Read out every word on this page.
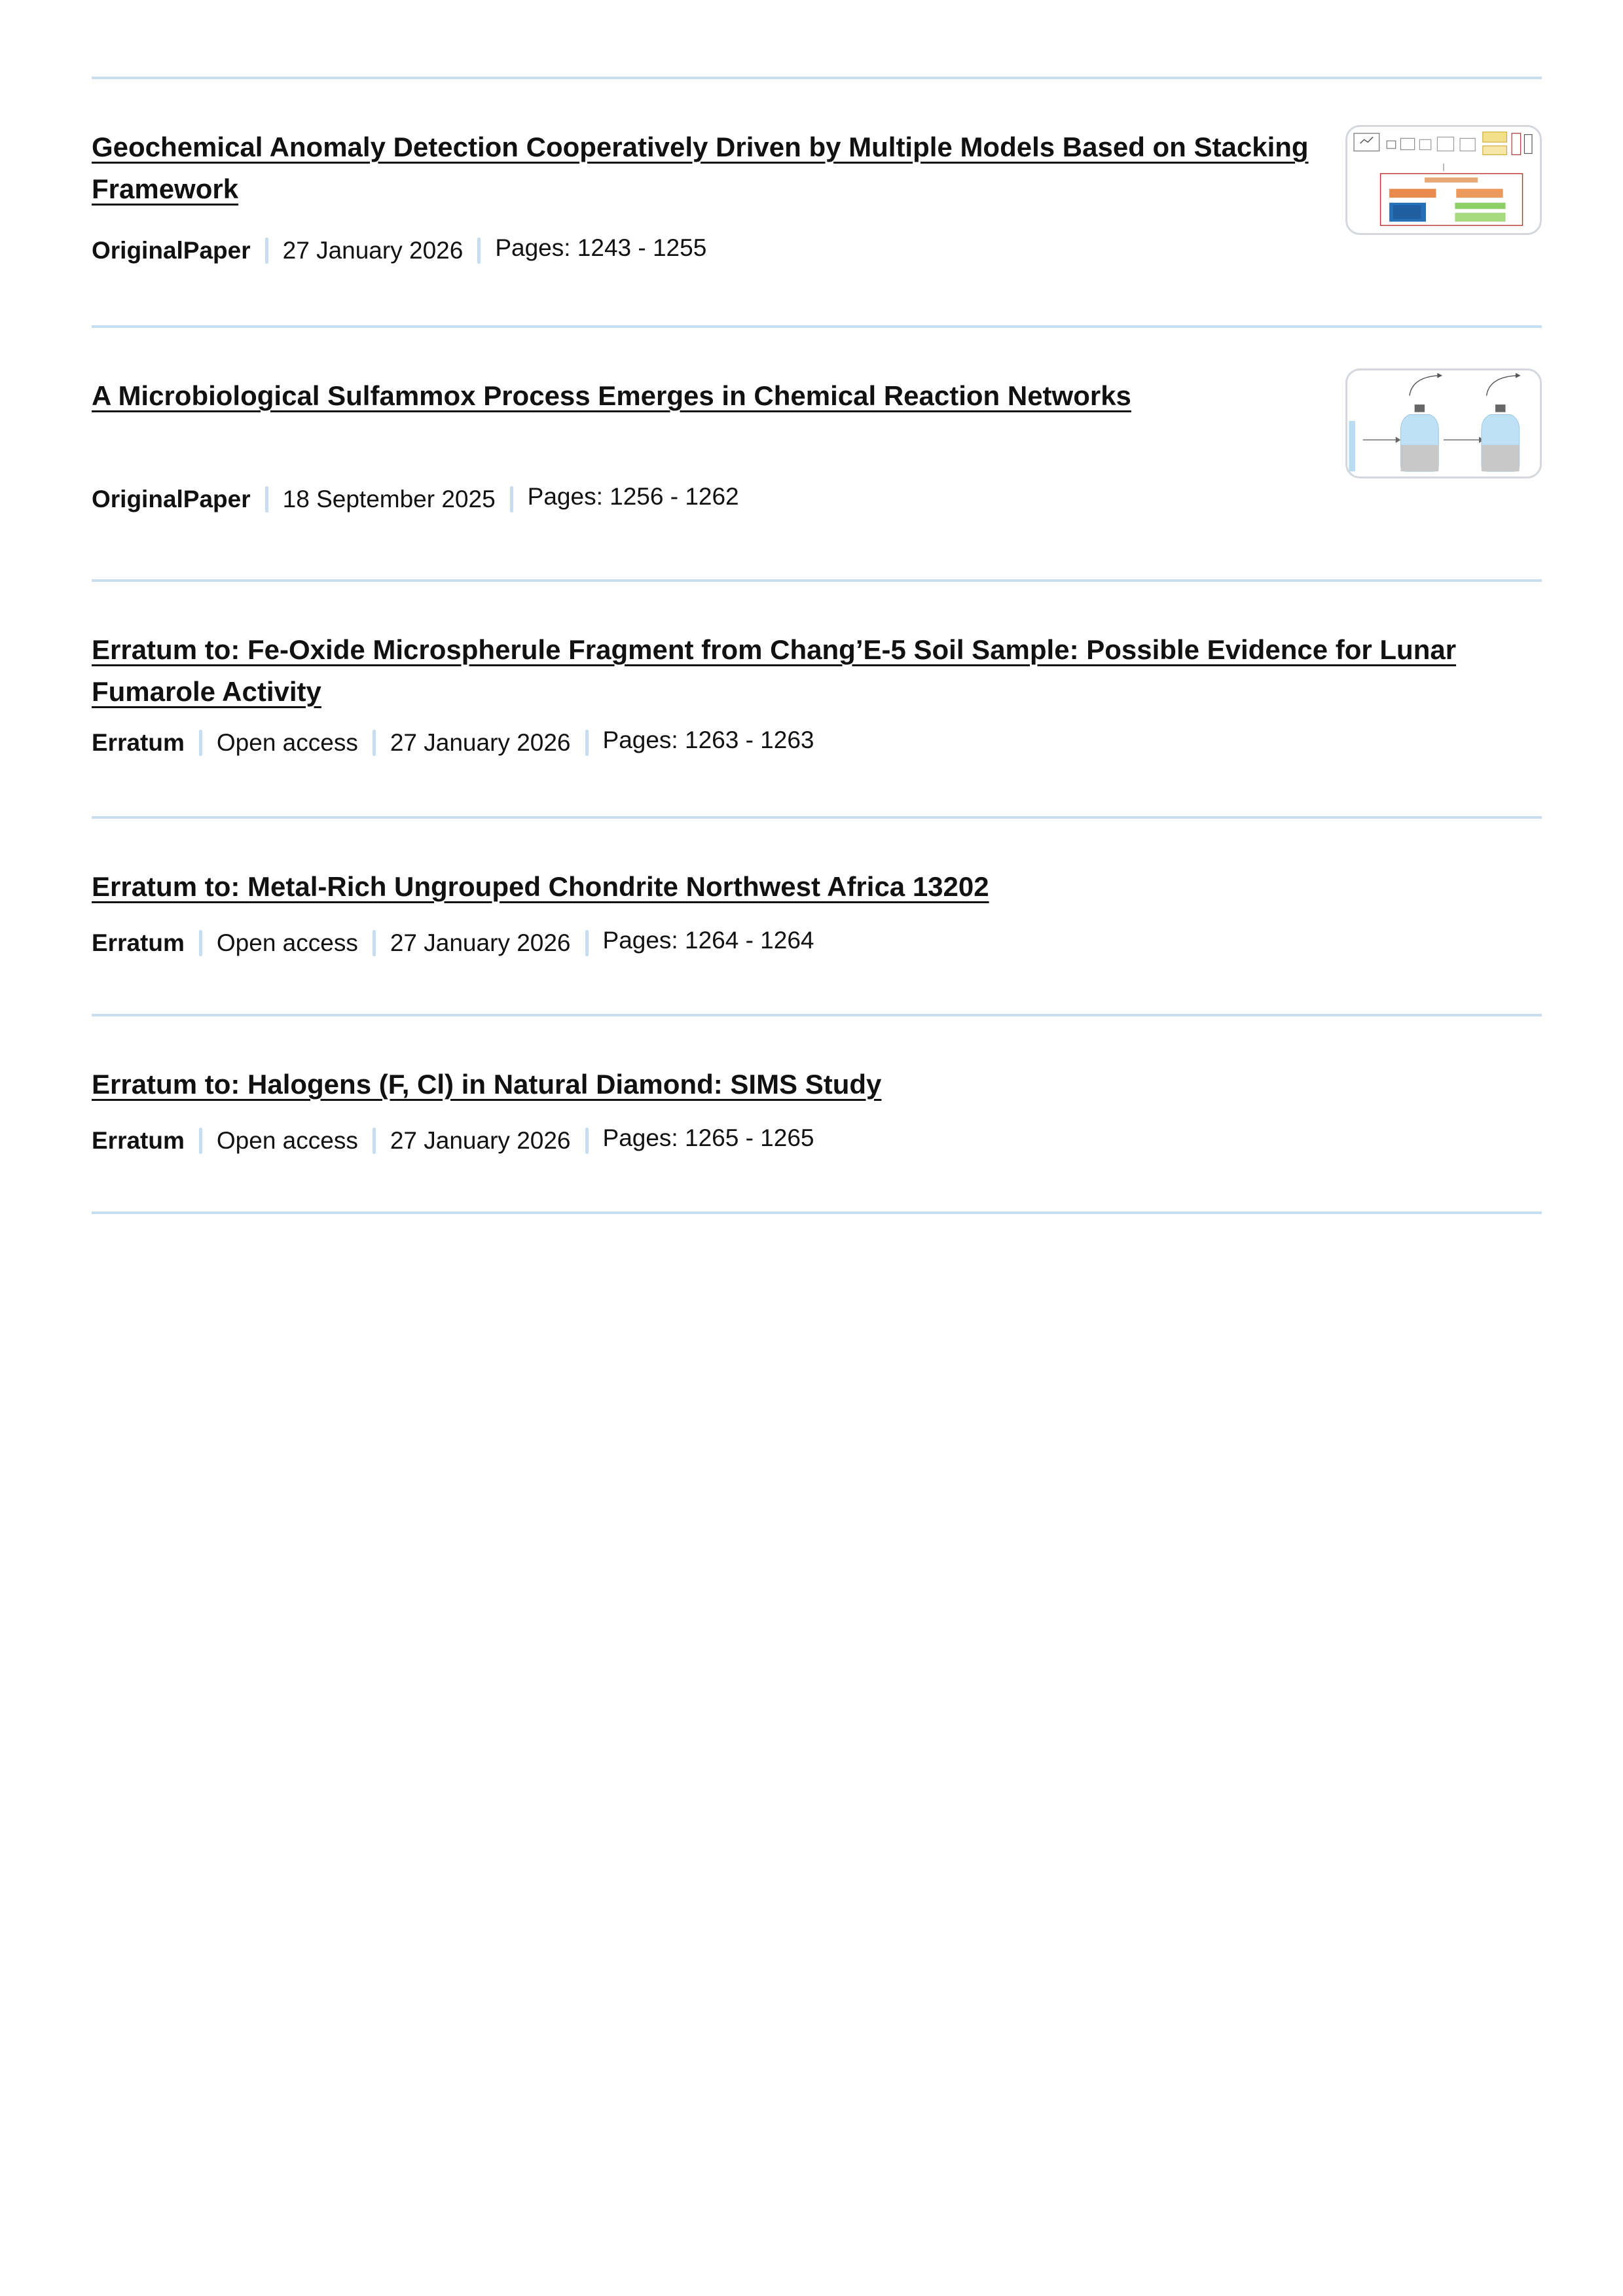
Geochemical Anomaly Detection Cooperatively Driven by Multiple Models Based on Stacking Framework
OriginalPaper 27 January 2026 Pages: 1243 - 1255
A Microbiological Sulfammox Process Emerges in Chemical Reaction Networks
OriginalPaper 18 September 2025 Pages: 1256 - 1262
Erratum to: Fe-Oxide Microspherule Fragment from Chang’E-5 Soil Sample: Possible Evidence for Lunar Fumarole Activity
Erratum Open access 27 January 2026 Pages: 1263 - 1263
Erratum to: Metal-Rich Ungrouped Chondrite Northwest Africa 13202
Erratum Open access 27 January 2026 Pages: 1264 - 1264
Erratum to: Halogens (F, Cl) in Natural Diamond: SIMS Study
Erratum Open access 27 January 2026 Pages: 1265 - 1265
